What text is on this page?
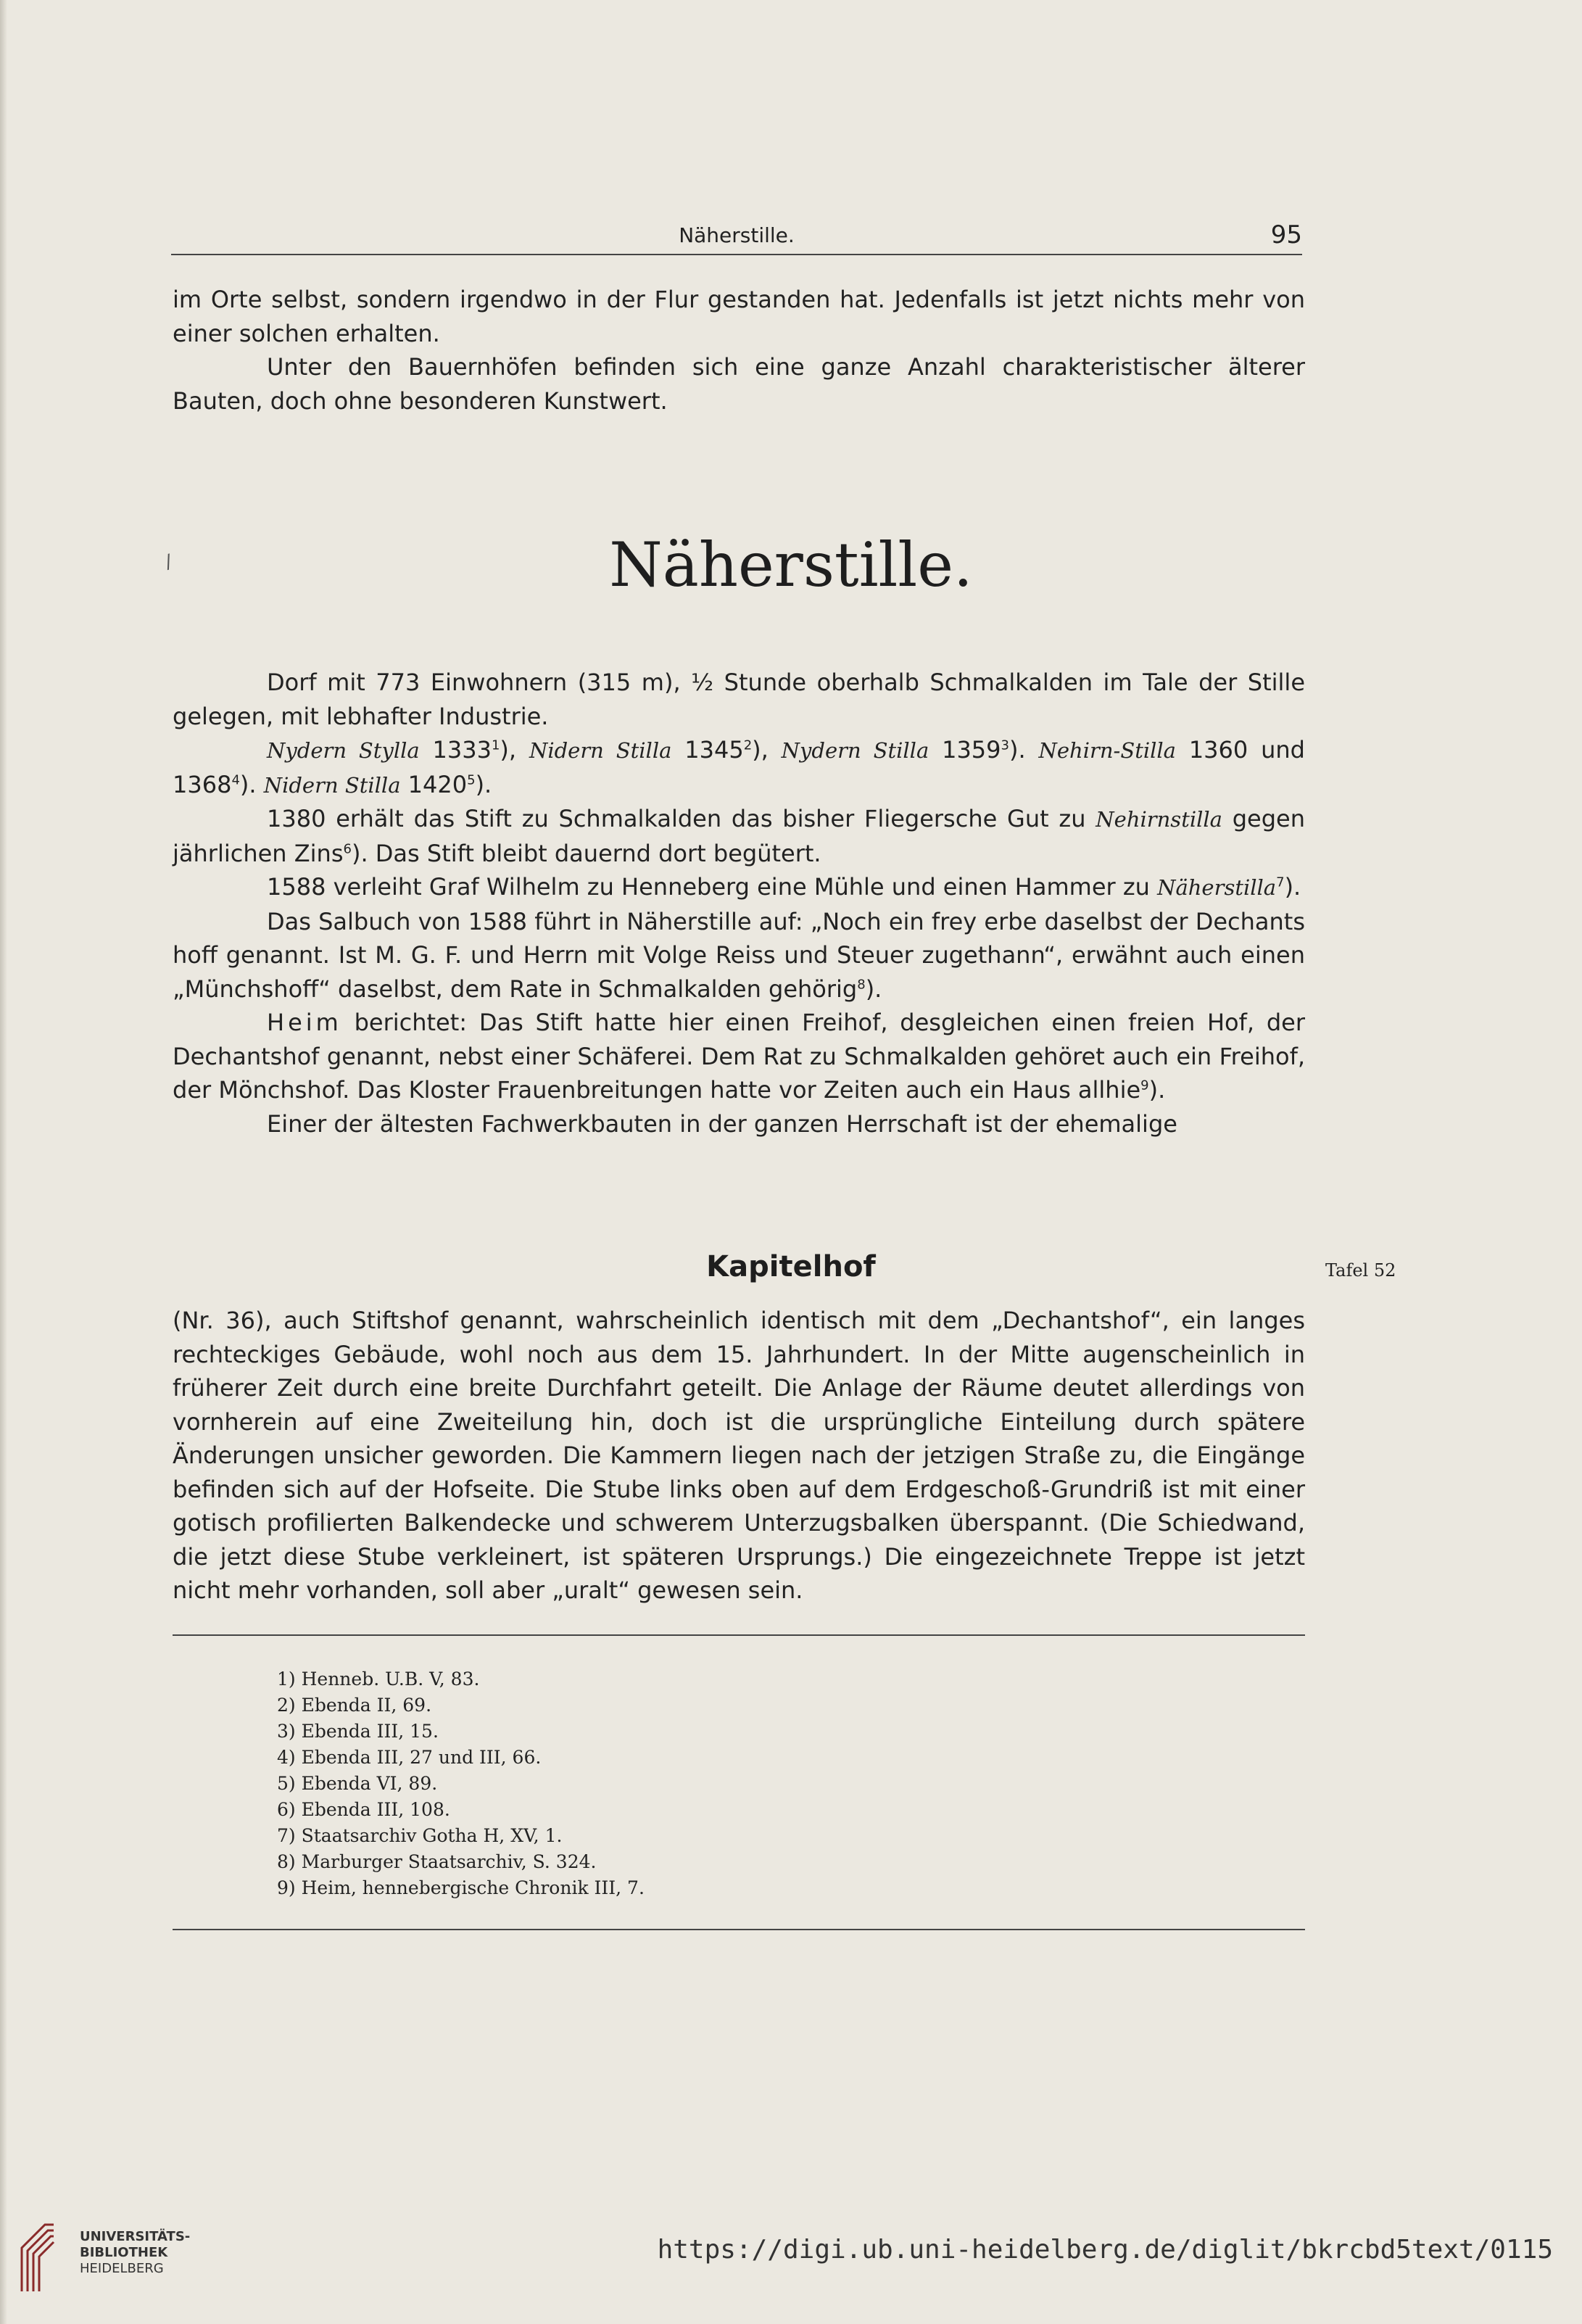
Näherstille.	95

im Orte selbst, sondern irgendwo in der Flur gestanden hat. Jedenfalls ist jetzt nichts mehr von einer solchen erhalten.

Unter den Bauernhöfen befinden sich eine ganze Anzahl charakteristischer älterer Bauten, doch ohne besonderen Kunstwert.

/	Näherstille.

Dorf mit 773 Einwohnern (315 m), ½ Stunde oberhalb Schmalkalden im Tale der Stille gelegen, mit lebhafter Industrie.

Nydern Stylla 1333$^1$), Nidern Stilla 1345$^2$), Nydern Stilla 1359$^3$). Nehirn-Stilla 1360 und 1368$^4$). Nidern Stilla 1420$^5$).

1380 erhält das Stift zu Schmalkalden das bisher Fliegersche Gut zu Nehirnstilla gegen jährlichen Zins$^6$). Das Stift bleibt dauernd dort begütert.

1588 verleiht Graf Wilhelm zu Henneberg eine Mühle und einen Hammer zu Näherstilla$^7$).

Das Salbuch von 1588 führt in Näherstille auf: „Noch ein frey erbe daselbst der Dechants hoff genannt. Ist M. G. F. und Herrn mit Volge Reiss und Steuer zugethann“, erwähnt auch einen „Münchshoff“ daselbst, dem Rate in Schmalkalden gehörig$^8$).

Heim berichtet: Das Stift hatte hier einen Freihof, desgleichen einen freien Hof, der Dechantshof genannt, nebst einer Schäferei. Dem Rat zu Schmalkalden gehöret auch ein Freihof, der Mönchshof. Das Kloster Frauenbreitungen hatte vor Zeiten auch ein Haus allhie$^9$).

Einer der ältesten Fachwerkbauten in der ganzen Herrschaft ist der ehemalige

Kapitelhof	Tafel 52

(Nr. 36), auch Stiftshof genannt, wahrscheinlich identisch mit dem „Dechantshof“, ein langes rechteckiges Gebäude, wohl noch aus dem 15. Jahrhundert. In der Mitte augenscheinlich in früherer Zeit durch eine breite Durchfahrt geteilt. Die Anlage der Räume deutet allerdings von vornherein auf eine Zweiteilung hin, doch ist die ursprüngliche Einteilung durch spätere Änderungen unsicher geworden. Die Kammern liegen nach der jetzigen Straße zu, die Eingänge befinden sich auf der Hofseite. Die Stube links oben auf dem Erdgeschoß-Grundriß ist mit einer gotisch profilierten Balkendecke und schwerem Unterzugsbalken überspannt. (Die Schiedwand, die jetzt diese Stube verkleinert, ist späteren Ursprungs.) Die eingezeichnete Treppe ist jetzt nicht mehr vorhanden, soll aber „uralt“ gewesen sein.

1) Henneb. U.B. V, 83.
2) Ebenda II, 69.
3) Ebenda III, 15.
4) Ebenda III, 27 und III, 66.
5) Ebenda VI, 89.
6) Ebenda III, 108.
7) Staatsarchiv Gotha H, XV, 1.
8) Marburger Staatsarchiv, S. 324.
9) Heim, hennebergische Chronik III, 7.
UNIVERSITÄTS-
BIBLIOTHEK
HEIDELBERG
https://digi.ub.uni-heidelberg.de/diglit/bkrcbd5text/0115
